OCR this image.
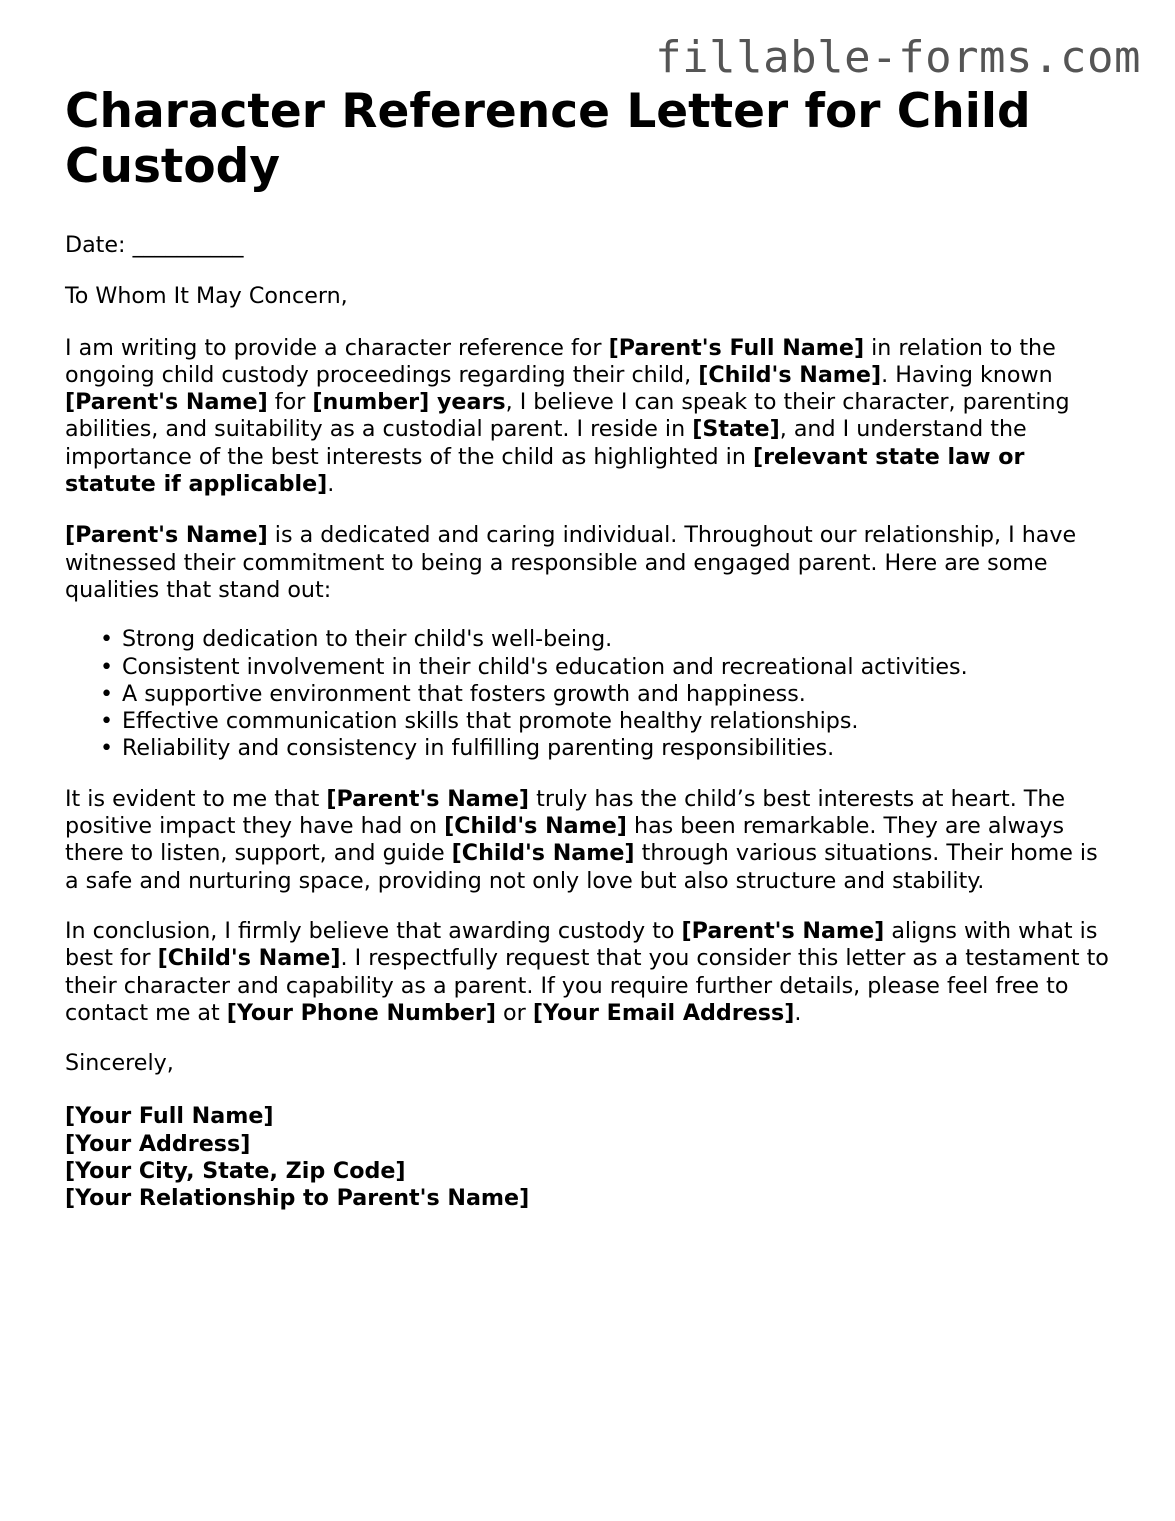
fillable-forms.com
Character Reference Letter for Child Custody

Date: __________

To Whom It May Concern,

I am writing to provide a character reference for [Parent's Full Name] in relation to the ongoing child custody proceedings regarding their child, [Child's Name]. Having known [Parent's Name] for [number] years, I believe I can speak to their character, parenting abilities, and suitability as a custodial parent. I reside in [State], and I understand the importance of the best interests of the child as highlighted in [relevant state law or statute if applicable].

[Parent's Name] is a dedicated and caring individual. Throughout our relationship, I have witnessed their commitment to being a responsible and engaged parent. Here are some qualities that stand out:

• Strong dedication to their child's well-being.
• Consistent involvement in their child's education and recreational activities.
• A supportive environment that fosters growth and happiness.
• Effective communication skills that promote healthy relationships.
• Reliability and consistency in fulfilling parenting responsibilities.

It is evident to me that [Parent's Name] truly has the child’s best interests at heart. The positive impact they have had on [Child's Name] has been remarkable. They are always there to listen, support, and guide [Child's Name] through various situations. Their home is a safe and nurturing space, providing not only love but also structure and stability.

In conclusion, I firmly believe that awarding custody to [Parent's Name] aligns with what is best for [Child's Name]. I respectfully request that you consider this letter as a testament to their character and capability as a parent. If you require further details, please feel free to contact me at [Your Phone Number] or [Your Email Address].

Sincerely,

[Your Full Name]
[Your Address]
[Your City, State, Zip Code]
[Your Relationship to Parent's Name]
